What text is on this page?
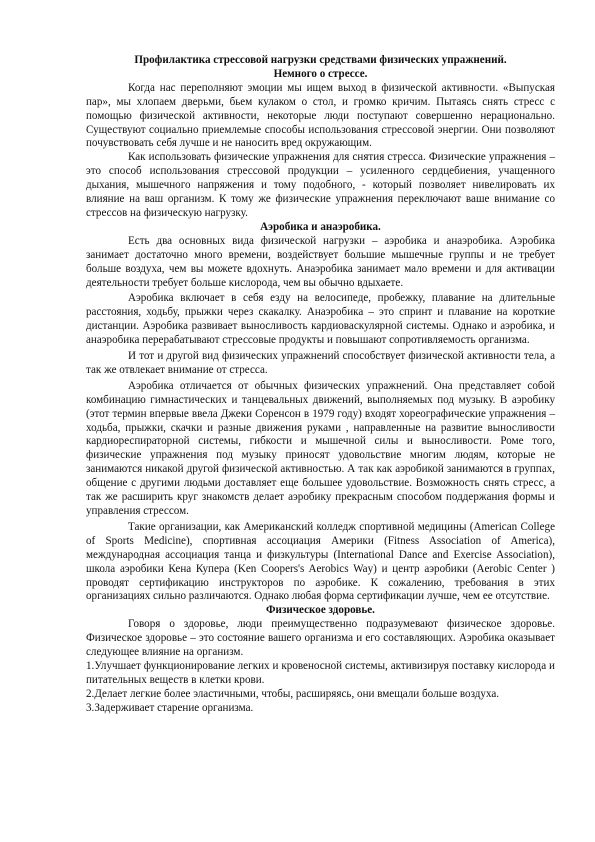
Профилактика стрессовой нагрузки средствами физических упражнений.

Немного о стрессе.

Когда нас переполняют эмоции мы ищем выход в физической активности. «Выпуская пар», мы хлопаем дверьми, бьем кулаком о стол, и громко кричим. Пытаясь снять стресс с помощью физической активности, некоторые люди поступают совершенно нерационально. Существуют социально приемлемые способы использования стрессовой энергии. Они позволяют почувствовать себя лучше и не наносить вред окружающим.

Как использовать физические упражнения для снятия стресса. Физические упражнения – это способ использования стрессовой продукции – усиленного сердцебиения, учащенного дыхания, мышечного напряжения и тому подобного, - который позволяет нивелировать их влияние на ваш организм. К тому же физические упражнения переключают ваше внимание со стрессов на физическую нагрузку.

Аэробика и анаэробика.

Есть два основных вида физической нагрузки – аэробика и анаэробика. Аэробика занимает достаточно много времени, воздействует большие мышечные группы и не требует больше воздуха, чем вы можете вдохнуть. Анаэробика занимает мало времени и для активации деятельности требует больше кислорода, чем вы обычно вдыхаете.

Аэробика включает в себя езду на велосипеде, пробежку, плавание на длительные расстояния, ходьбу, прыжки через скакалку. Анаэробика – это спринт и плавание на короткие дистанции. Аэробика развивает выносливость кардиоваскулярной системы. Однако и аэробика, и анаэробика перерабатывают стрессовые продукты и повышают сопротивляемость организма.

И тот и другой вид физических упражнений способствует физической активности тела, а так же отвлекает внимание от стресса.

Аэробика отличается от обычных физических упражнений. Она представляет собой комбинацию гимнастических и танцевальных движений, выполняемых под музыку. В аэробику (этот термин впервые ввела Джеки Соренсон в 1979 году) входят хореографические упражнения – ходьба, прыжки, скачки и разные движения руками , направленные на развитие выносливости кардиореспираторной системы, гибкости и мышечной силы и выносливости. Роме того, физические упражнения под музыку приносят удовольствие многим людям, которые не занимаются никакой другой физической активностью. А так как аэробикой занимаются в группах, общение с другими людьми доставляет еще большее удовольствие. Возможность снять стресс, а так же расширить круг знакомств делает аэробику прекрасным способом поддержания формы и управления стрессом.

Такие организации, как Американский колледж спортивной медицины (American College of Sports Medicine), спортивная ассоциация Америки (Fitness Association of America), международная ассоциация танца и физкультуры (International Dance and Exercise Association), школа аэробики Кена Купера (Ken Coopers's Aerobics Way) и центр аэробики (Aerobic Center ) проводят сертификацию инструкторов по аэробике. К сожалению, требования в этих организациях сильно различаются. Однако любая форма сертификации лучше, чем ее отсутствие.

Физическое здоровье.

Говоря о здоровье, люди преимущественно подразумевают физическое здоровье. Физическое здоровье – это состояние вашего организма и его составляющих. Аэробика оказывает следующее влияние на организм.

1.Улучшает функционирование легких и кровеносной системы, активизируя поставку кислорода и питательных веществ в клетки крови.

2.Делает легкие более эластичными, чтобы, расширяясь, они вмещали больше воздуха.

3.Задерживает старение организма.
